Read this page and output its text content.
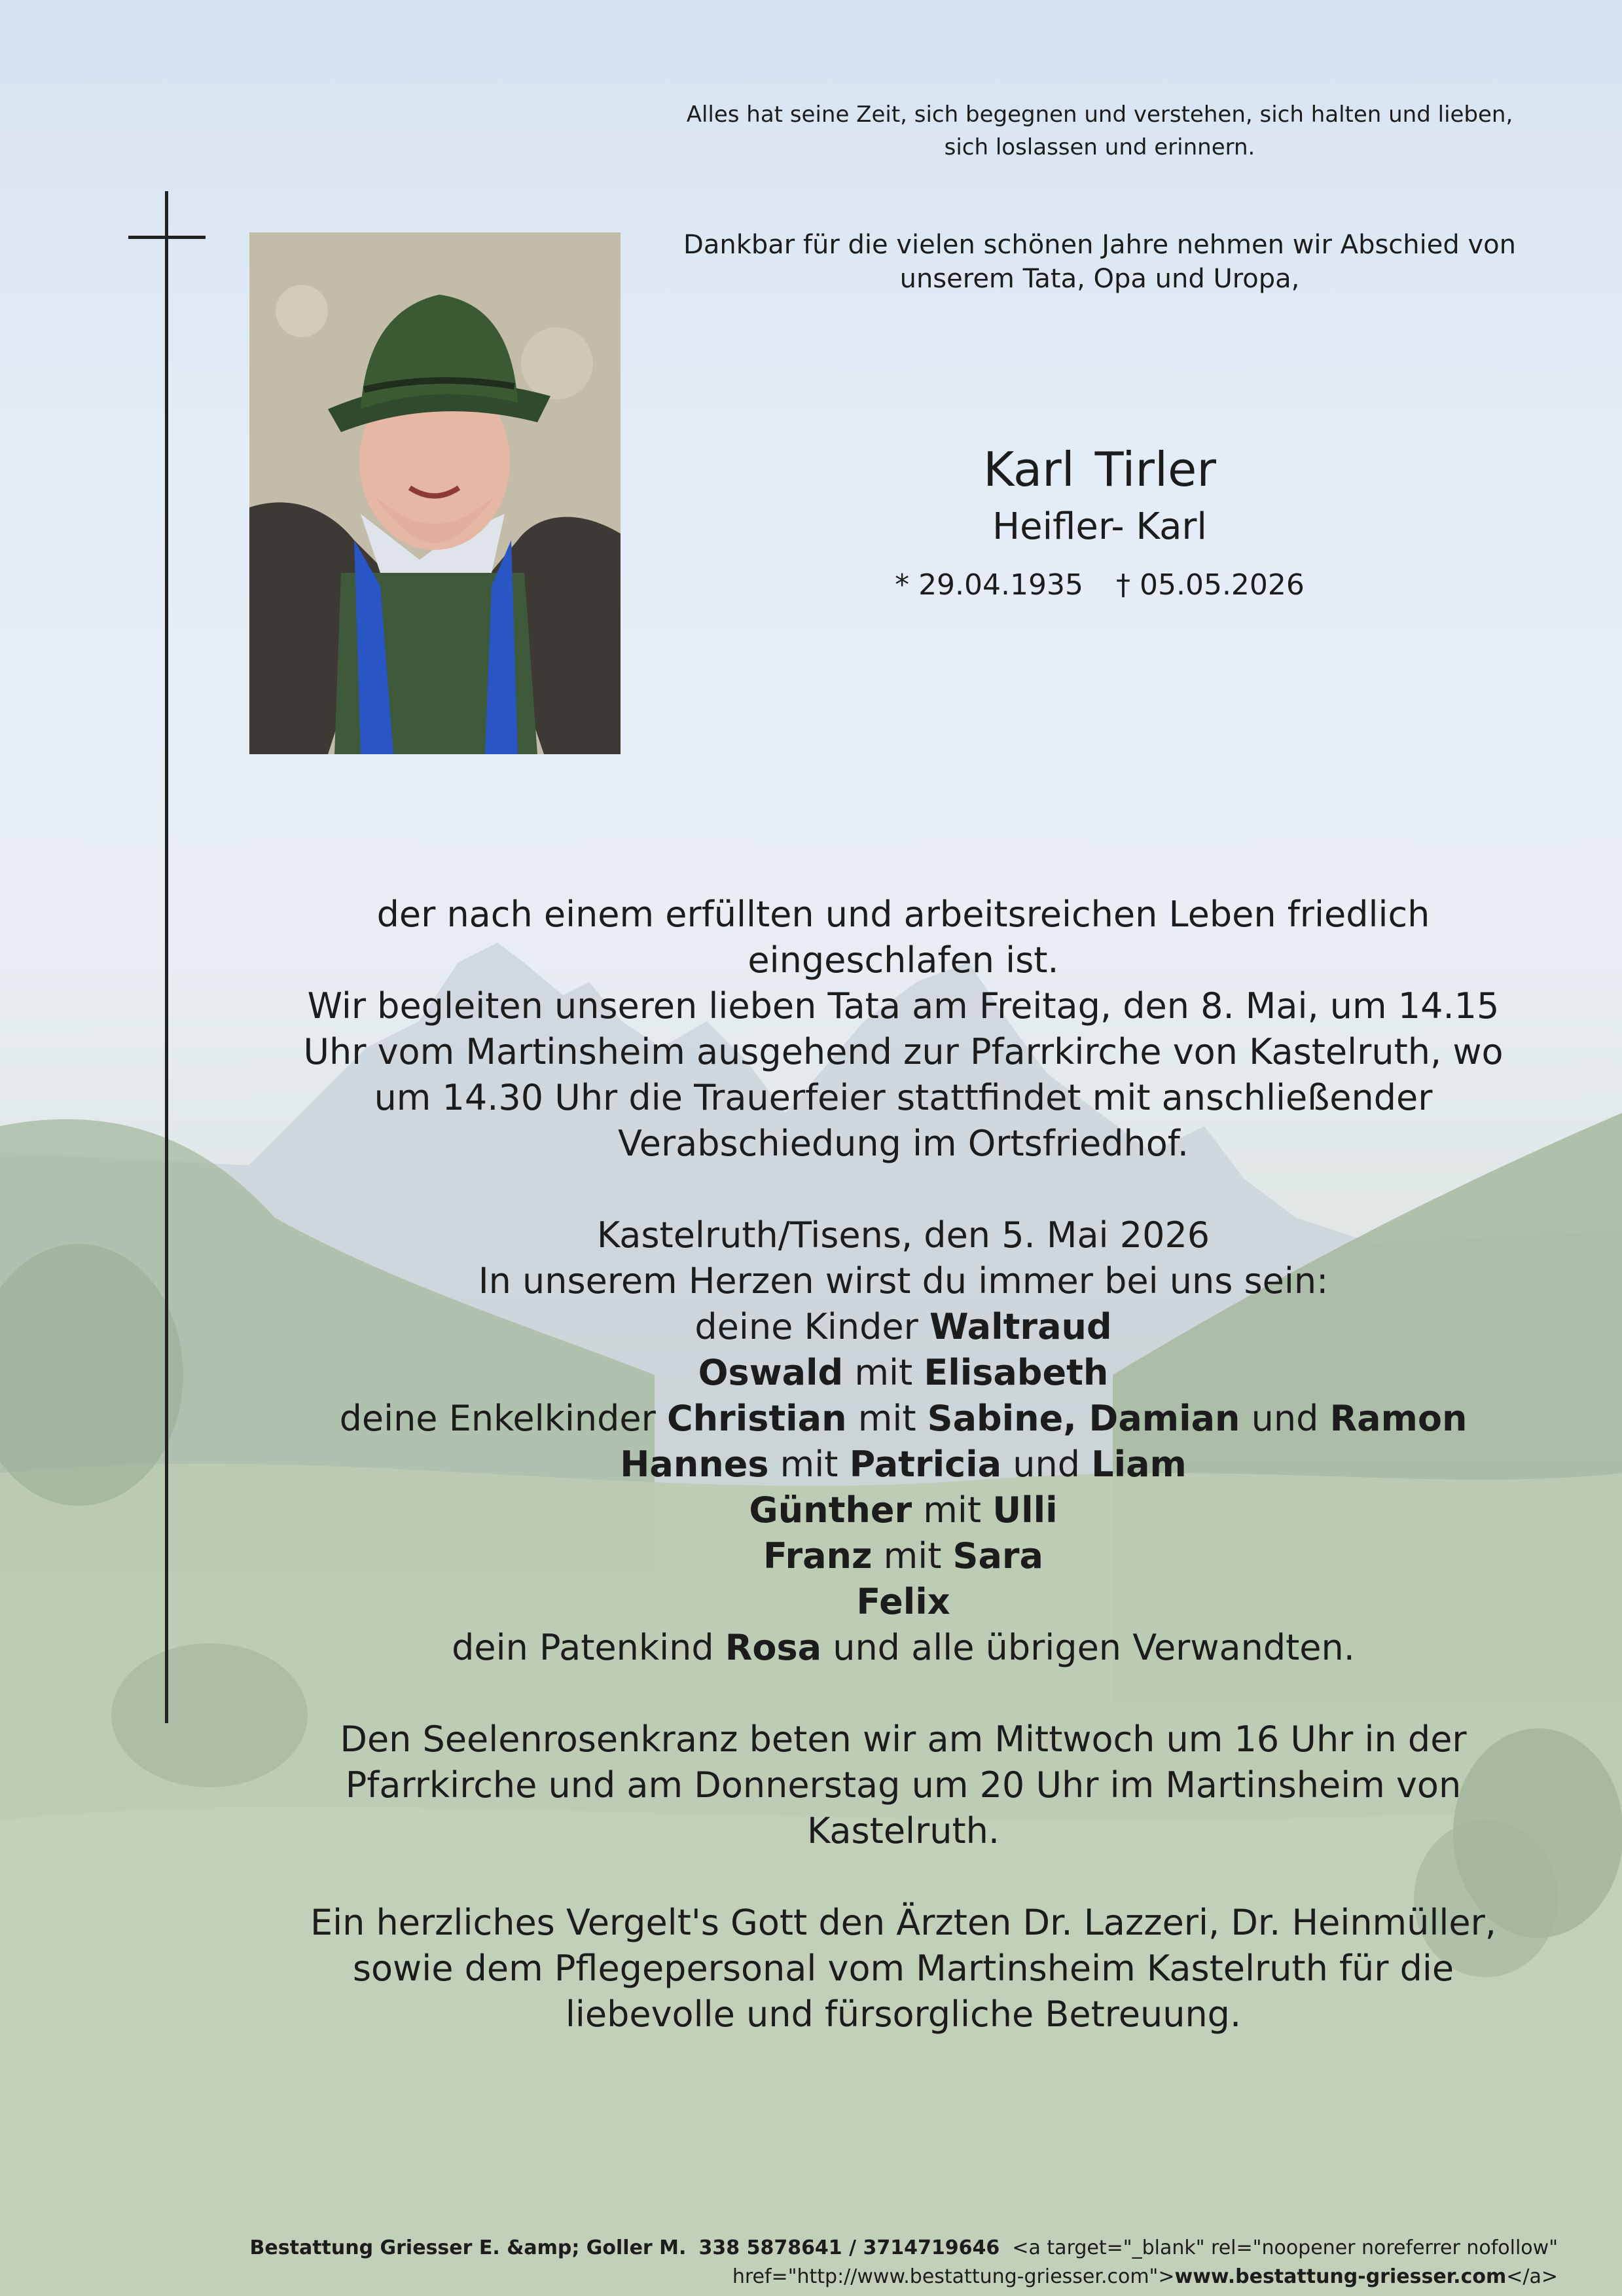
Alles hat seine Zeit, sich begegnen und verstehen, sich halten und lieben,
sich loslassen und erinnern.
Dankbar für die vielen schönen Jahre nehmen wir Abschied von
unserem Tata, Opa und Uropa,
Karl Tirler
Heifler- Karl
* 29.04.1935 † 05.05.2026

der nach einem erfüllten und arbeitsreichen Leben friedlich

eingeschlafen ist.

Wir begleiten unseren lieben Tata am Freitag, den 8. Mai, um 14.15

Uhr vom Martinsheim ausgehend zur Pfarrkirche von Kastelruth, wo

um 14.30 Uhr die Trauerfeier stattfindet mit anschließender

Verabschiedung im Ortsfriedhof.

Kastelruth/Tisens, den 5. Mai 2026

In unserem Herzen wirst du immer bei uns sein:

deine Kinder Waltraud

Oswald mit Elisabeth

deine Enkelkinder Christian mit Sabine, Damian und Ramon

Hannes mit Patricia und Liam

Günther mit Ulli

Franz mit Sara

Felix

dein Patenkind Rosa und alle übrigen Verwandten.

Den Seelenrosenkranz beten wir am Mittwoch um 16 Uhr in der

Pfarrkirche und am Donnerstag um 20 Uhr im Martinsheim von

Kastelruth.

Ein herzliches Vergelt's Gott den Ärzten Dr. Lazzeri, Dr. Heinmüller,

sowie dem Pflegepersonal vom Martinsheim Kastelruth für die

liebevolle und fürsorgliche Betreuung.

Bestattung Griesser E. &amp; Goller M. 338 5878641 / 3714719646 <a target="_blank" rel="noopener noreferrer nofollow"
href="http://www.bestattung-griesser.com">www.bestattung-griesser.com</a>
